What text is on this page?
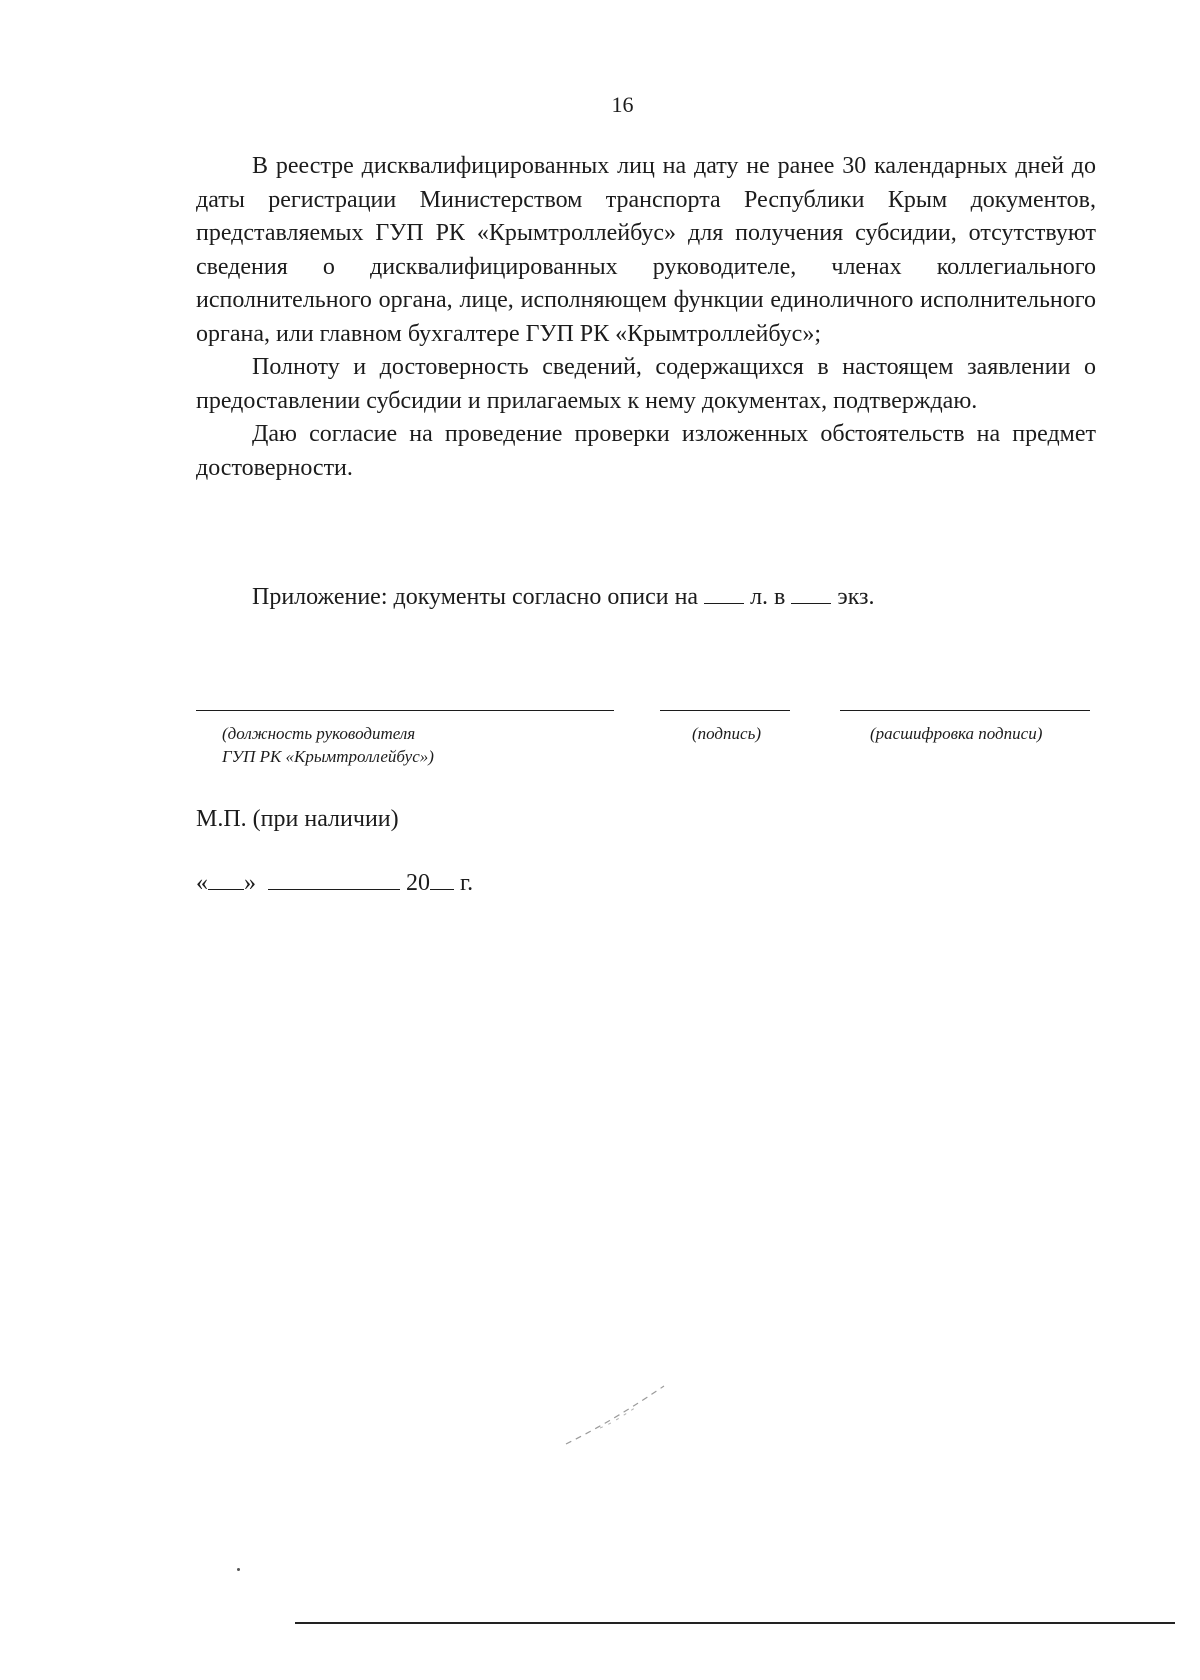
16

В реестре дисквалифицированных лиц на дату не ранее 30 календарных дней до даты регистрации Министерством транспорта Республики Крым документов, представляемых ГУП РК «Крымтроллейбус» для получения субсидии, отсутствуют сведения о дисквалифицированных руководителе, членах коллегиального исполнительного органа, лице, исполняющем функции единоличного исполнительного органа, или главном бухгалтере ГУП РК «Крымтроллейбус»;

Полноту и достоверность сведений, содержащихся в настоящем заявлении о предоставлении субсидии и прилагаемых к нему документах, подтверждаю.

Даю согласие на проведение проверки изложенных обстоятельств на предмет достоверности.

Приложение: документы согласно описи на л. в экз.
(должность руководителя
ГУП РК «Крымтроллейбус»)
(подпись)	(расшифровка подписи)
М.П. (при наличии)
« »	20 г.
